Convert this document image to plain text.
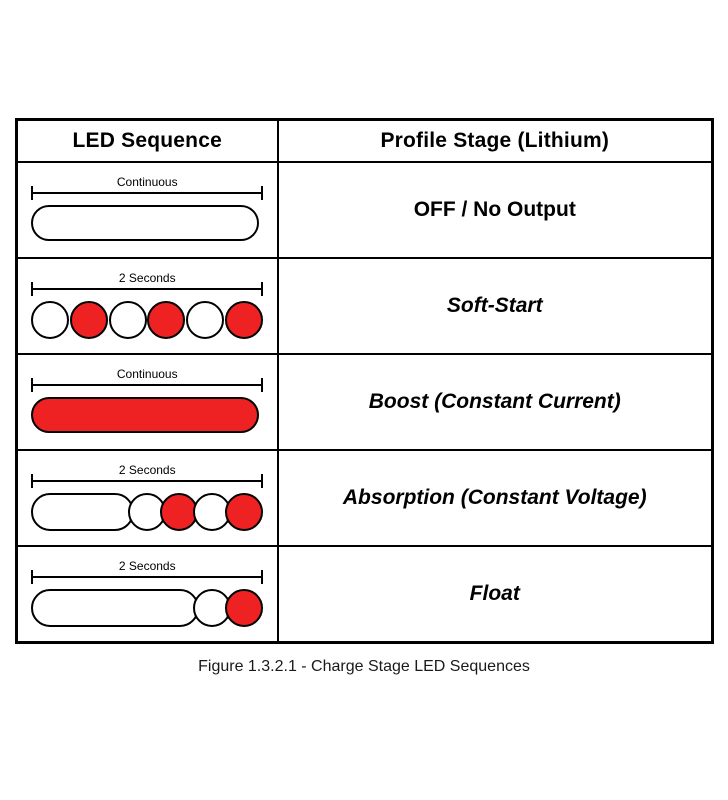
LED Sequence	Profile Stage (Lithium)

Continuous	OFF / No Output

2 Seconds	Soft-Start

Continuous	Boost (Constant Current)

2 Seconds	Absorption (Constant Voltage)

2 Seconds	Float
Figure 1.3.2.1 - Charge Stage LED Sequences
